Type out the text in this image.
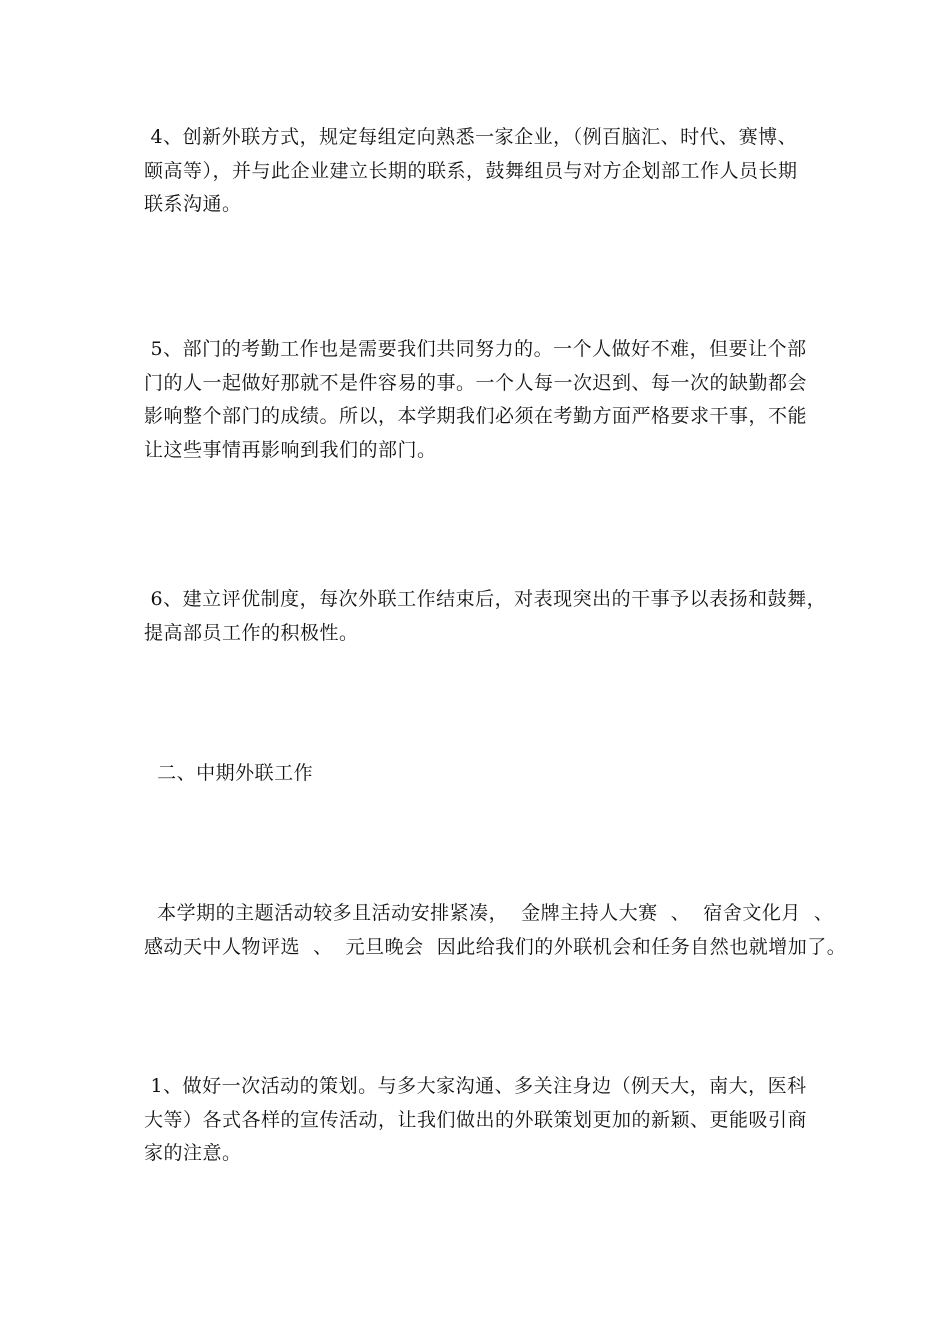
4、创新外联方式，规定每组定向熟悉一家企业，（例百脑汇、时代、赛博、
颐高等），并与此企业建立长期的联系，鼓舞组员与对方企划部工作人员长期
联系沟通。
5、部门的考勤工作也是需要我们共同努力的。一个人做好不难，但要让个部
门的人一起做好那就不是件容易的事。一个人每一次迟到、每一次的缺勤都会
影响整个部门的成绩。所以，本学期我们必须在考勤方面严格要求干事，不能
让这些事情再影响到我们的部门。
6、建立评优制度，每次外联工作结束后，对表现突出的干事予以表扬和鼓舞，
提高部员工作的积极性。
二、中期外联工作
本学期的主题活动较多且活动安排紧凑，  金牌主持人大赛  、  宿舍文化月  、
感动天中人物评选  、  元旦晚会  因此给我们的外联机会和任务自然也就增加了。
1、做好一次活动的策划。与多大家沟通、多关注身边（例天大，南大，医科
大等）各式各样的宣传活动，让我们做出的外联策划更加的新颖、更能吸引商
家的注意。
